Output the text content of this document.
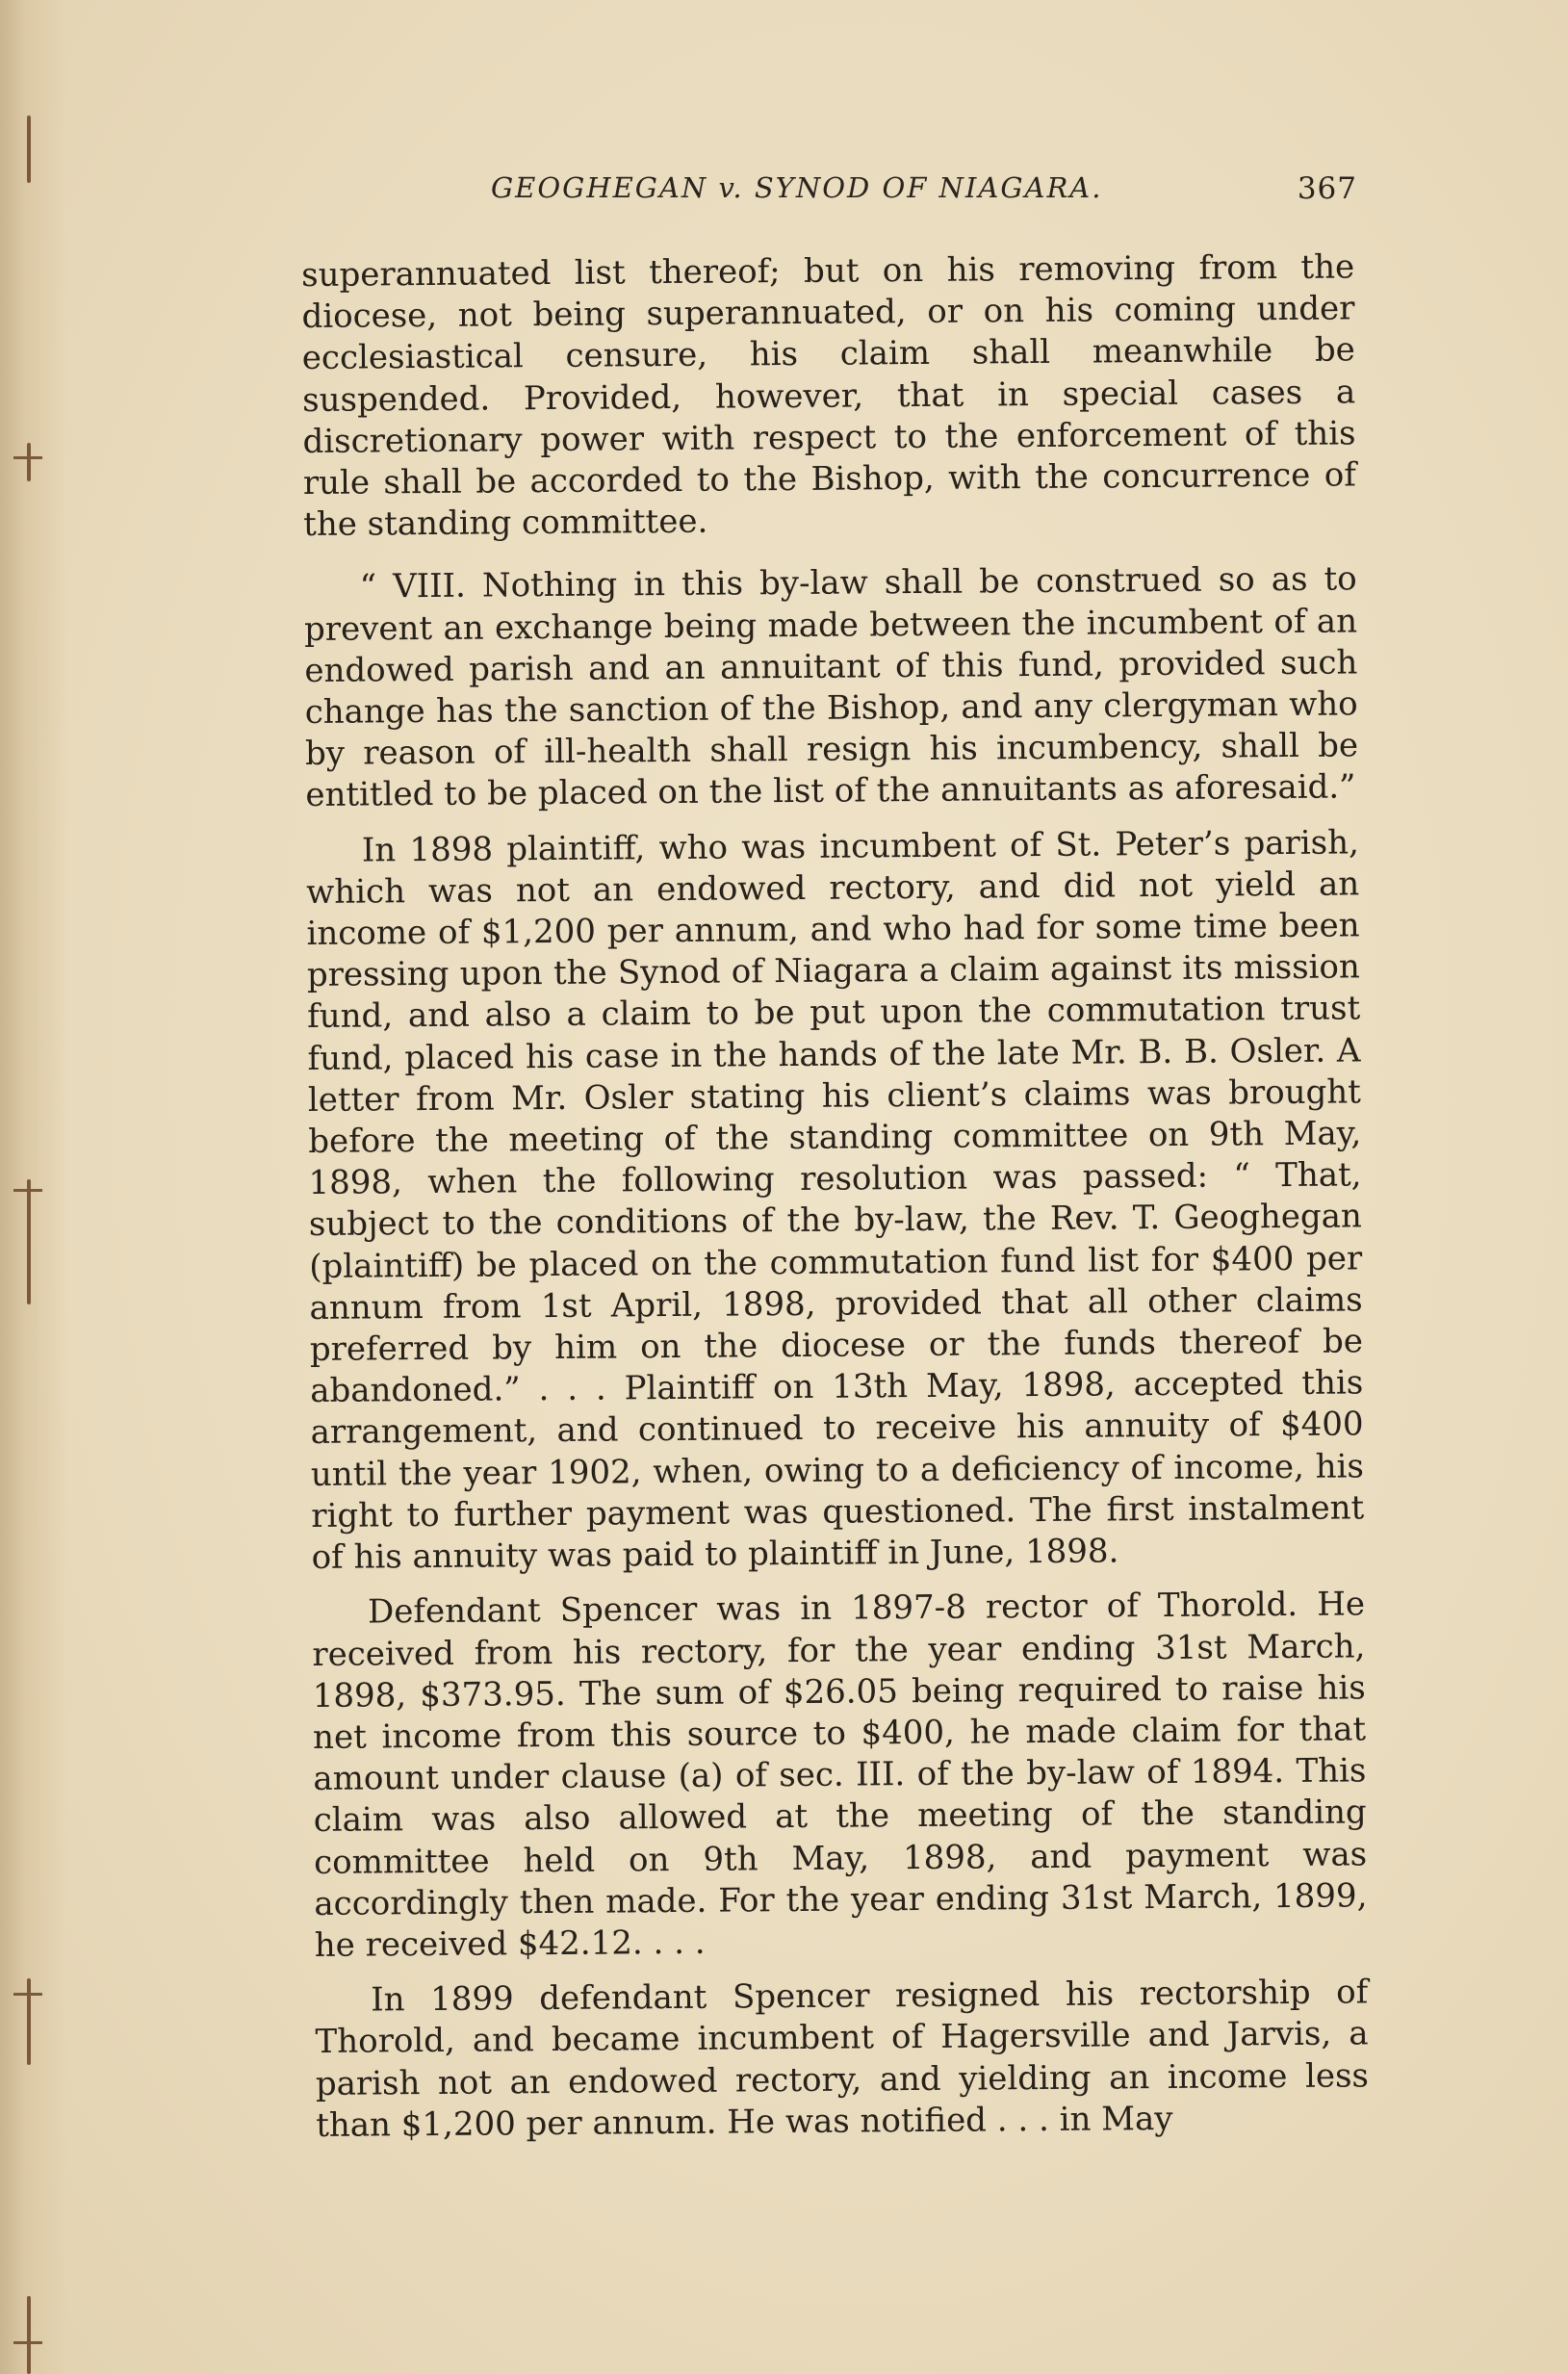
GEOGHEGAN v. SYNOD OF NIAGARA.	367

superannuated list thereof; but on his removing from the diocese, not being superannuated, or on his coming under ecclesiastical censure, his claim shall meanwhile be suspended. Provided, however, that in special cases a discretionary power with respect to the enforcement of this rule shall be accorded to the Bishop, with the concurrence of the standing committee.

“ VIII. Nothing in this by-law shall be construed so as to prevent an exchange being made between the incumbent of an endowed parish and an annuitant of this fund, provided such change has the sanction of the Bishop, and any clergyman who by reason of ill-health shall resign his incumbency, shall be entitled to be placed on the list of the annuitants as aforesaid.”

In 1898 plaintiff, who was incumbent of St. Peter’s parish, which was not an endowed rectory, and did not yield an income of $1,200 per annum, and who had for some time been pressing upon the Synod of Niagara a claim against its mission fund, and also a claim to be put upon the commutation trust fund, placed his case in the hands of the late Mr. B. B. Osler. A letter from Mr. Osler stating his client’s claims was brought before the meeting of the standing committee on 9th May, 1898, when the following resolution was passed: “ That, subject to the conditions of the by-law, the Rev. T. Geoghegan (plaintiff) be placed on the commutation fund list for $400 per annum from 1st April, 1898, provided that all other claims preferred by him on the diocese or the funds thereof be abandoned.” . . . Plaintiff on 13th May, 1898, accepted this arrangement, and continued to receive his annuity of $400 until the year 1902, when, owing to a deficiency of income, his right to further payment was questioned. The first instalment of his annuity was paid to plaintiff in June, 1898.

Defendant Spencer was in 1897-8 rector of Thorold. He received from his rectory, for the year ending 31st March, 1898, $373.95. The sum of $26.05 being required to raise his net income from this source to $400, he made claim for that amount under clause (a) of sec. III. of the by-law of 1894. This claim was also allowed at the meeting of the standing committee held on 9th May, 1898, and payment was accordingly then made. For the year ending 31st March, 1899, he received $42.12. . . .

In 1899 defendant Spencer resigned his rectorship of Thorold, and became incumbent of Hagersville and Jarvis, a parish not an endowed rectory, and yielding an income less than $1,200 per annum. He was notified . . . in May
